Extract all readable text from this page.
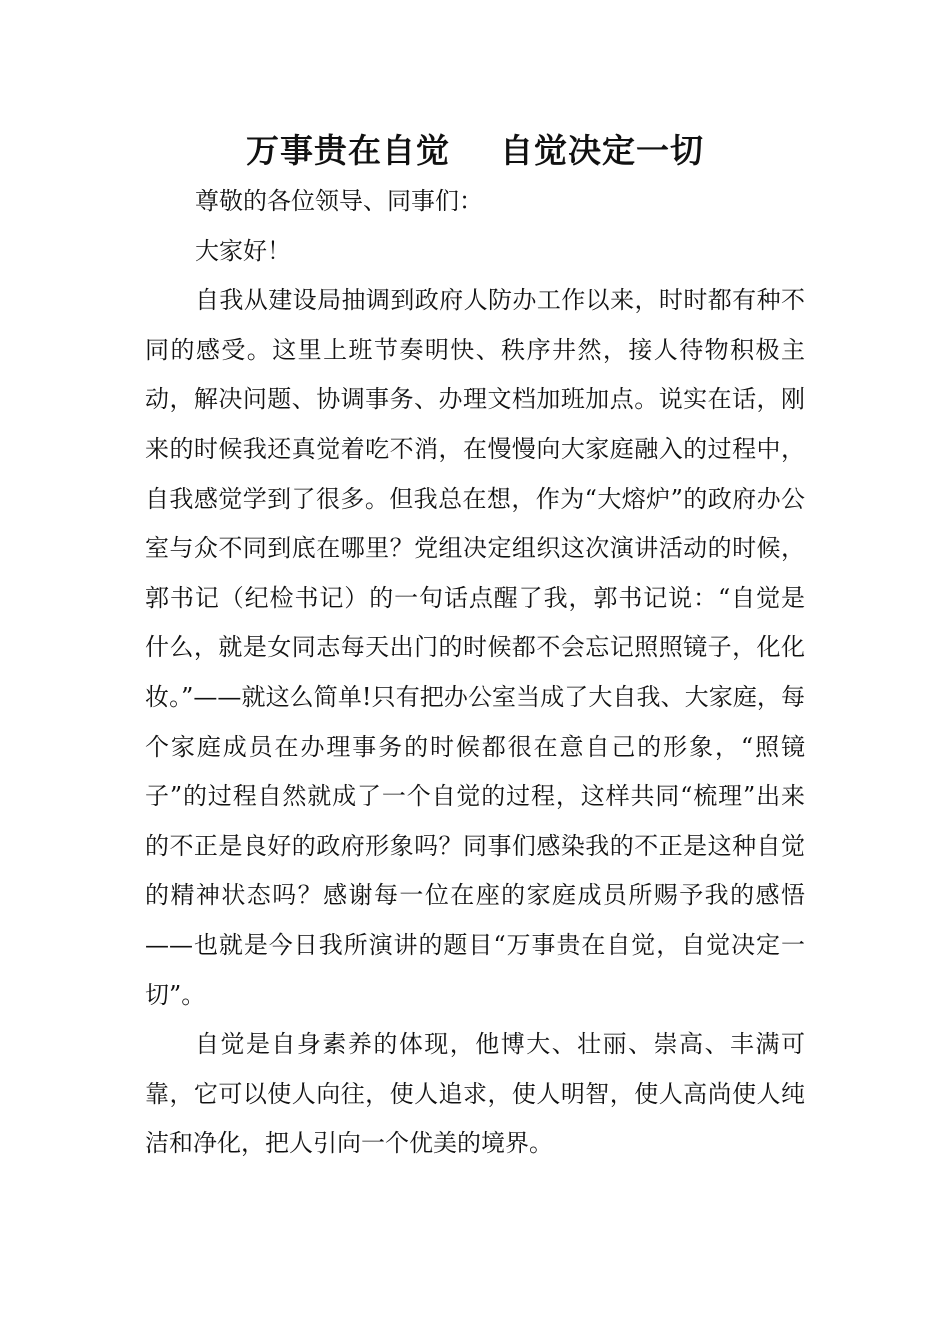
万事贵在自觉    自觉决定一切

尊敬的各位领导、同事们：

大家好！

自我从建设局抽调到政府人防办工作以来，时时都有种不同的感受。这里上班节奏明快、秩序井然，接人待物积极主动，解决问题、协调事务、办理文档加班加点。说实在话，刚来的时候我还真觉着吃不消，在慢慢向大家庭融入的过程中，自我感觉学到了很多。但我总在想，作为“大熔炉”的政府办公室与众不同到底在哪里？党组决定组织这次演讲活动的时候，郭书记（纪检书记）的一句话点醒了我，郭书记说：“自觉是什么，就是女同志每天出门的时候都不会忘记照照镜子，化化妆。”——就这么简单!只有把办公室当成了大自我、大家庭，每个家庭成员在办理事务的时候都很在意自己的形象，“照镜子”的过程自然就成了一个自觉的过程，这样共同“梳理”出来的不正是良好的政府形象吗？同事们感染我的不正是这种自觉的精神状态吗？感谢每一位在座的家庭成员所赐予我的感悟——也就是今日我所演讲的题目“万事贵在自觉，自觉决定一切”。

自觉是自身素养的体现，他博大、壮丽、崇高、丰满可靠，它可以使人向往，使人追求，使人明智，使人高尚使人纯洁和净化，把人引向一个优美的境界。
